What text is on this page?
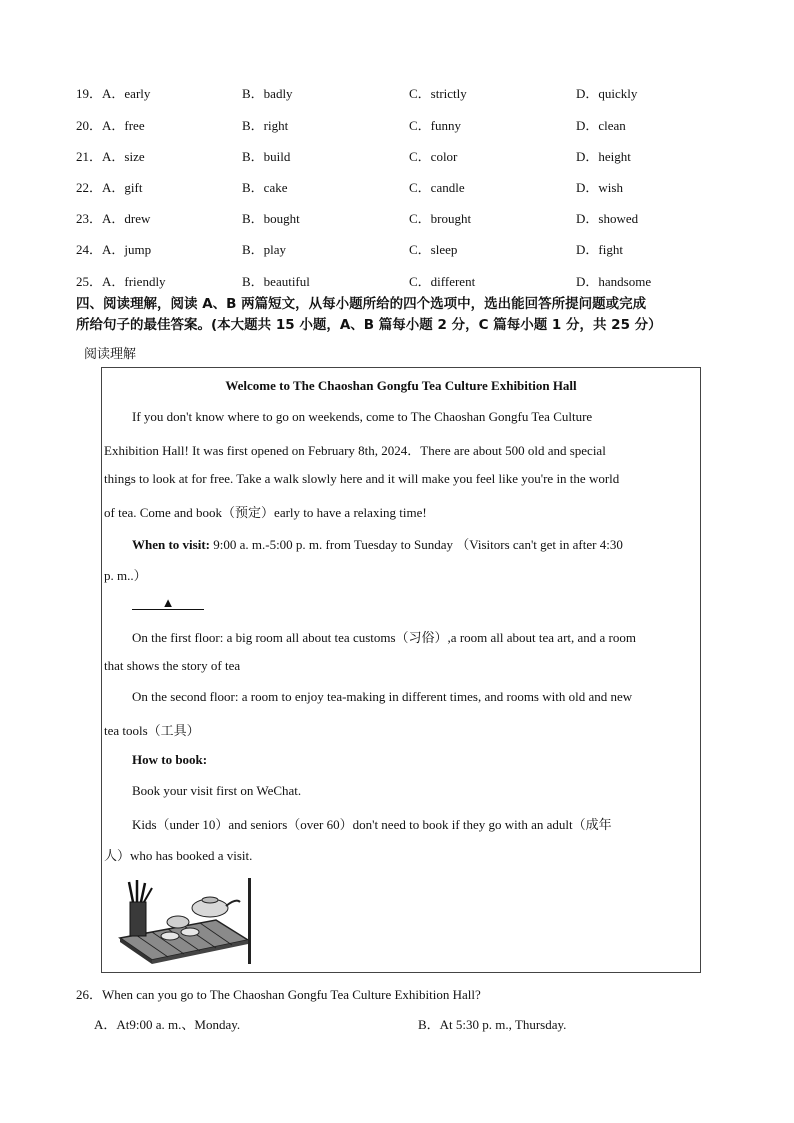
19．A．early	B．badly	C．strictly	D．quickly
20．A．free	B．right	C．funny	D．clean
21．A．size	B．build	C．color	D．height
22．A．gift	B．cake	C．candle	D．wish
23．A．drew	B．bought	C．brought	D．showed
24．A．jump	B．play	C．sleep	D．fight
25．A．friendly	B．beautiful	C．different	D．handsome
四、阅读理解，阅读 A、B 两篇短文，从每小题所给的四个选项中，选出能回答所提问题或完成
所给句子的最佳答案。(本大题共 15 小题，A、B 篇每小题 2 分，C 篇每小题 1 分，共 25 分）
阅读理解
Welcome to The Chaoshan Gongfu Tea Culture Exhibition Hall
If you don't know where to go on weekends, come to The Chaoshan Gongfu Tea Culture
Exhibition Hall! It was first opened on February 8th, 2024．There are about 500 old and special
things to look at for free. Take a walk slowly here and it will make you feel like you're in the world
of tea. Come and book（预定）early to have a relaxing time!
When to visit: 9:00 a. m.-5:00 p. m. from Tuesday to Sunday （Visitors can't get in after 4:30
p. m..）
▲
On the first floor: a big room all about tea customs（习俗）,a room all about tea art, and a room
that shows the story of tea
On the second floor: a room to enjoy tea-making in different times, and rooms with old and new
tea tools（工具）
How to book:
Book your visit first on WeChat.
Kids（under 10）and seniors（over 60）don't need to book if they go with an adult（成年
人）who has booked a visit.
26．When can you go to The Chaoshan Gongfu Tea Culture Exhibition Hall?
A．At9:00 a. m.、Monday.	B．At 5:30 p. m., Thursday.
